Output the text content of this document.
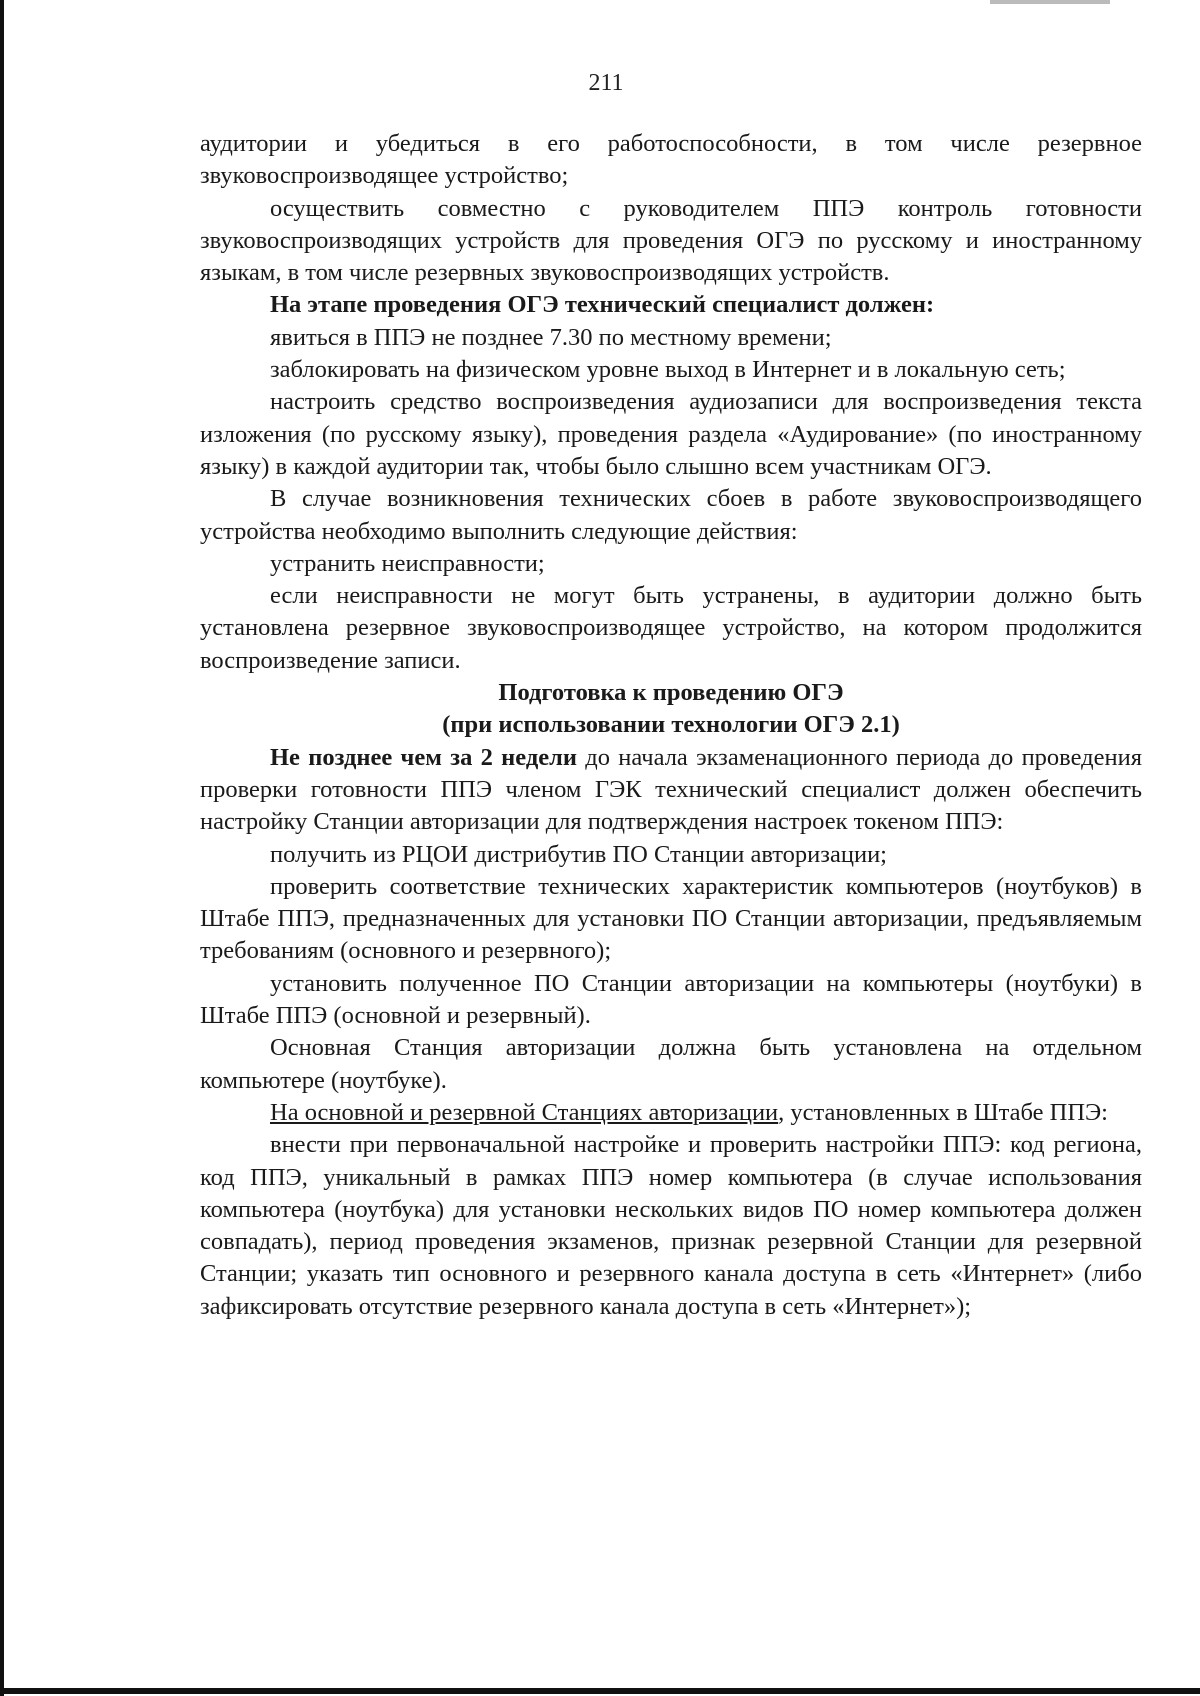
211

аудитории и убедиться в его работоспособности, в том числе резервное звуковоспроизводящее устройство;

осуществить совместно с руководителем ППЭ контроль готовности звуковоспроизводящих устройств для проведения ОГЭ по русскому и иностранному языкам, в том числе резервных звуковоспроизводящих устройств.

На этапе проведения ОГЭ технический специалист должен:

явиться в ППЭ не позднее 7.30 по местному времени;

заблокировать на физическом уровне выход в Интернет и в локальную сеть;

настроить средство воспроизведения аудиозаписи для воспроизведения текста изложения (по русскому языку), проведения раздела «Аудирование» (по иностранному языку) в каждой аудитории так, чтобы было слышно всем участникам ОГЭ.

В случае возникновения технических сбоев в работе звуковоспроизводящего устройства необходимо выполнить следующие действия:

устранить неисправности;

если неисправности не могут быть устранены, в аудитории должно быть установлена резервное звуковоспроизводящее устройство, на котором продолжится воспроизведение записи.

Подготовка к проведению ОГЭ

(при использовании технологии ОГЭ 2.1)

Не позднее чем за 2 недели до начала экзаменационного периода до проведения проверки готовности ППЭ членом ГЭК технический специалист должен обеспечить настройку Станции авторизации для подтверждения настроек токеном ППЭ:

получить из РЦОИ дистрибутив ПО Станции авторизации;

проверить соответствие технических характеристик компьютеров (ноутбуков) в Штабе ППЭ, предназначенных для установки ПО Станции авторизации, предъявляемым требованиям (основного и резервного);

установить полученное ПО Станции авторизации на компьютеры (ноутбуки) в Штабе ППЭ (основной и резервный).

Основная Станция авторизации должна быть установлена на отдельном компьютере (ноутбуке).

На основной и резервной Станциях авторизации, установленных в Штабе ППЭ:

внести при первоначальной настройке и проверить настройки ППЭ: код региона, код ППЭ, уникальный в рамках ППЭ номер компьютера (в случае использования компьютера (ноутбука) для установки нескольких видов ПО номер компьютера должен совпадать), период проведения экзаменов, признак резервной Станции для резервной Станции; указать тип основного и резервного канала доступа в сеть «Интернет» (либо зафиксировать отсутствие резервного канала доступа в сеть «Интернет»);
